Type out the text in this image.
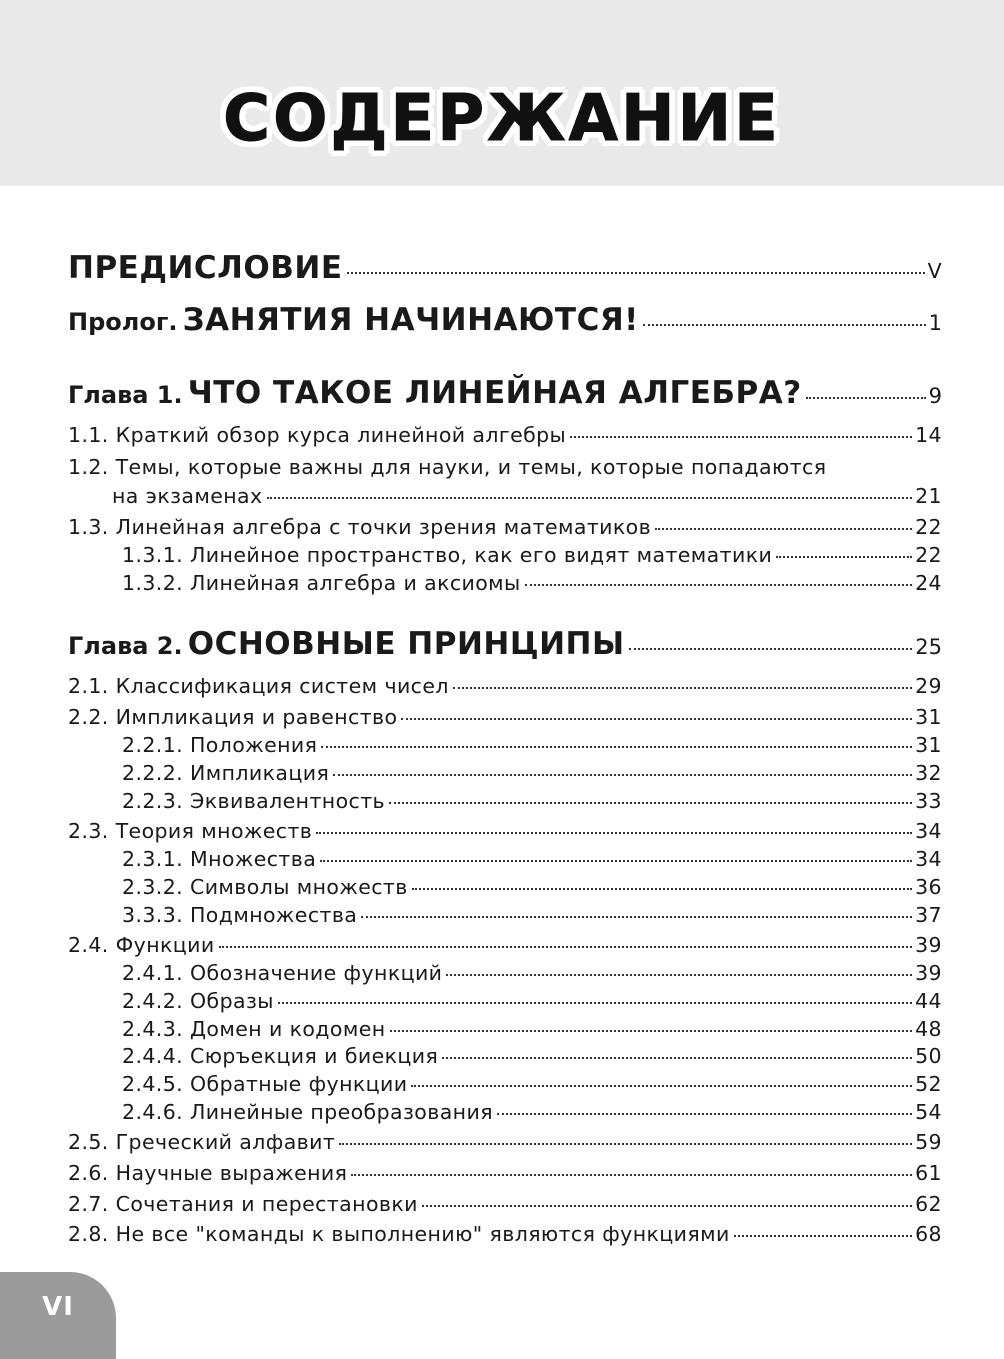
СОДЕРЖАНИЕ
ПРЕДИСЛОВИЕ	V
Пролог. ЗАНЯТИЯ НАЧИНАЮТСЯ!	1
Глава 1. ЧТО ТАКОЕ ЛИНЕЙНАЯ АЛГЕБРА?	9
1.1. Краткий обзор курса линейной алгебры	14
1.2. Темы, которые важны для науки, и темы, которые попадаются
на экзаменах	21
1.3. Линейная алгебра с точки зрения математиков	22
1.3.1. Линейное пространство, как его видят математики	22
1.3.2. Линейная алгебра и аксиомы	24
Глава 2. ОСНОВНЫЕ ПРИНЦИПЫ	25
2.1. Классификация систем чисел	29
2.2. Импликация и равенство	31
2.2.1. Положения	31
2.2.2. Импликация	32
2.2.3. Эквивалентность	33
2.3. Теория множеств	34
2.3.1. Множества	34
2.3.2. Символы множеств	36
3.3.3. Подмножества	37
2.4. Функции	39
2.4.1. Обозначение функций	39
2.4.2. Образы	44
2.4.3. Домен и кодомен	48
2.4.4. Сюръекция и биекция	50
2.4.5. Обратные функции	52
2.4.6. Линейные преобразования	54
2.5. Греческий алфавит	59
2.6. Научные выражения	61
2.7. Сочетания и перестановки	62
2.8. Не все "команды к выполнению" являются функциями	68
VI
